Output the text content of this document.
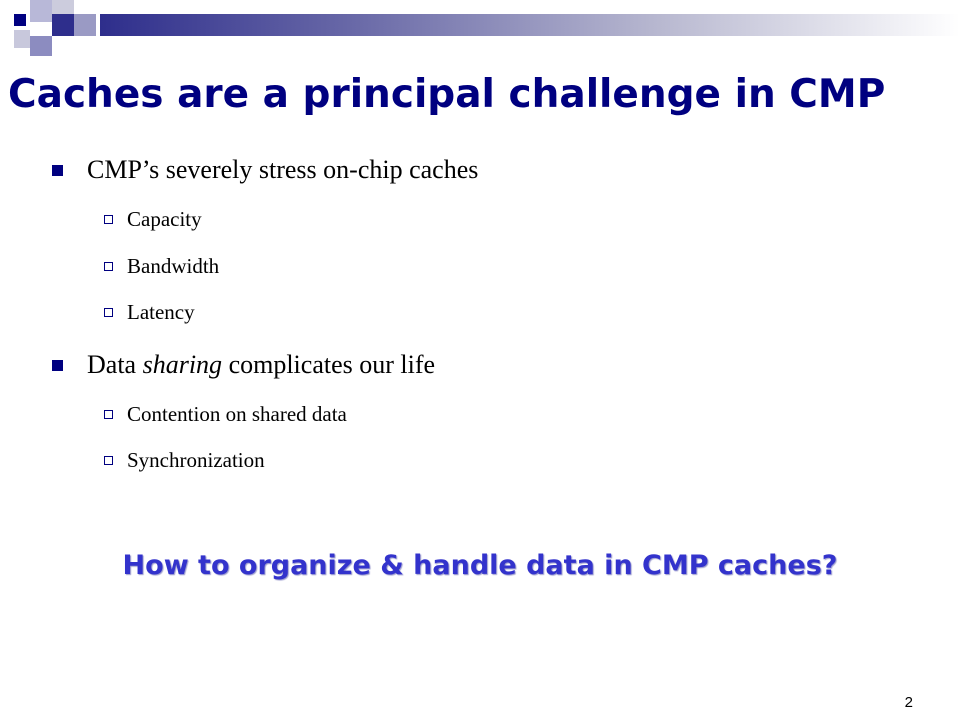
Caches are a principal challenge in CMP
CMP’s severely stress on-chip caches
Capacity
Bandwidth
Latency
Data sharing complicates our life
Contention on shared data
Synchronization
How to organize & handle data in CMP caches?
2
